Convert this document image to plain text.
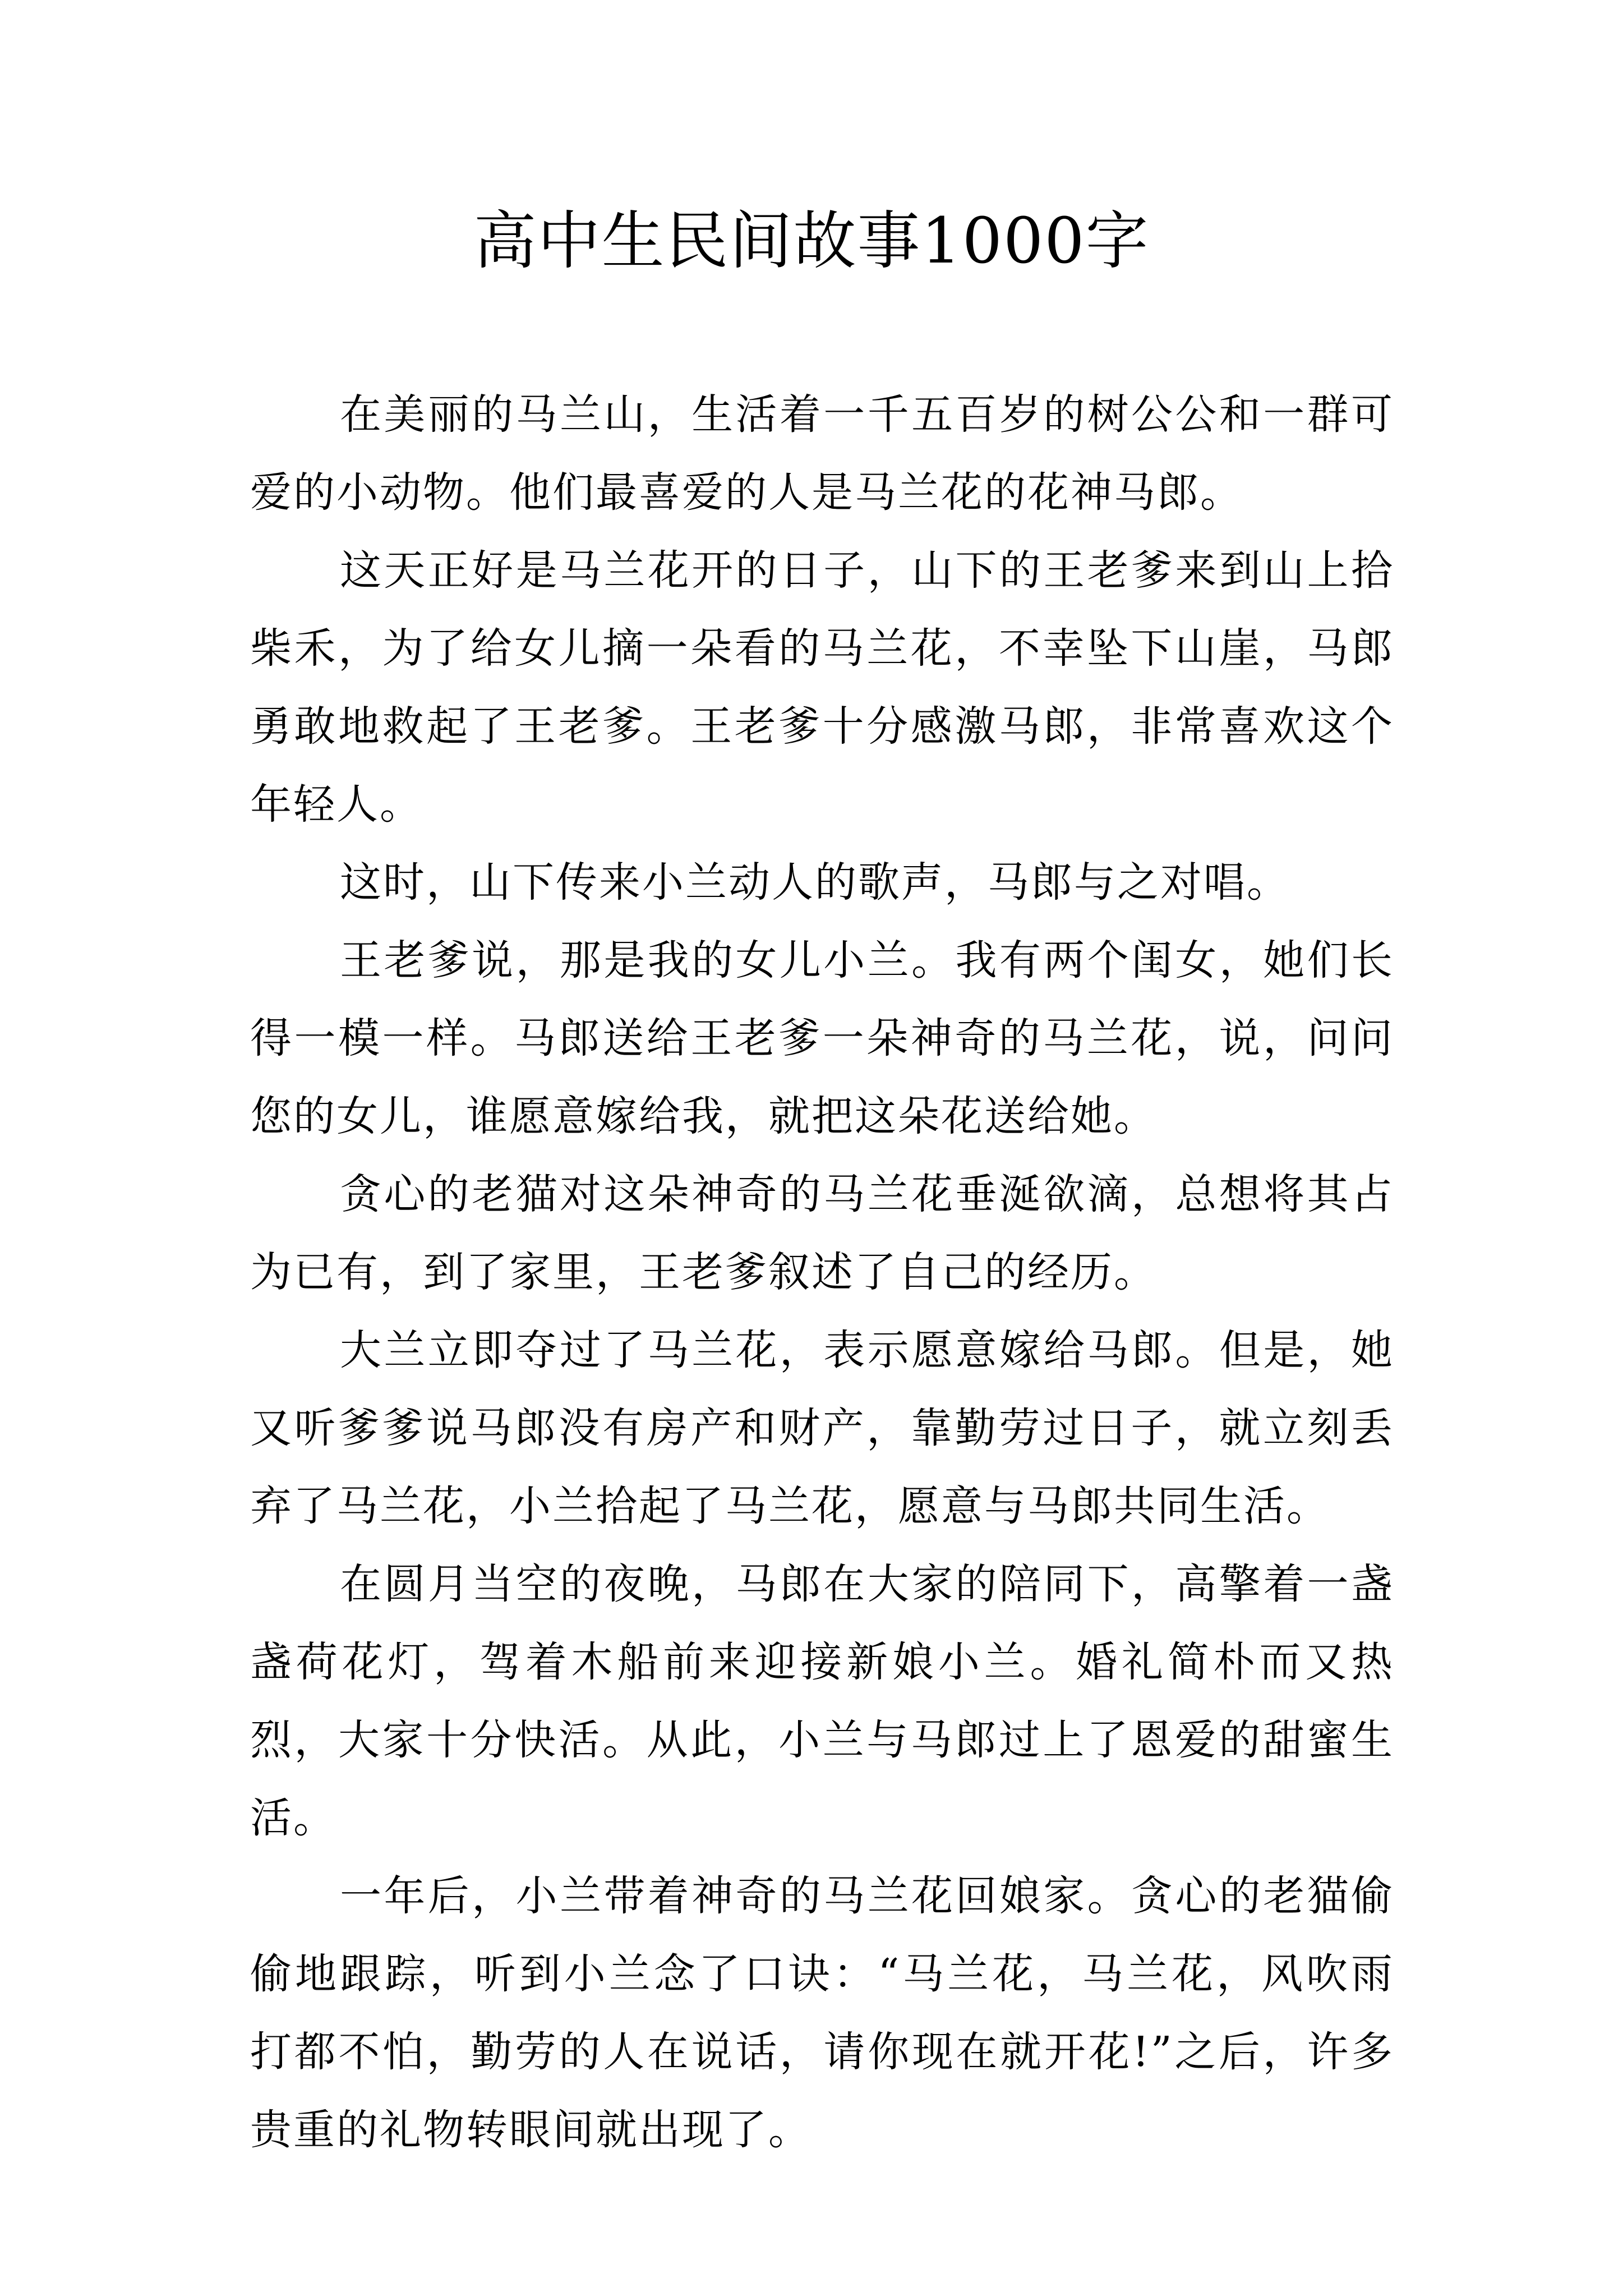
高中生民间故事1000字

在美丽的马兰山，生活着一千五百岁的树公公和一群可爱的小动物。他们最喜爱的人是马兰花的花神马郎。

这天正好是马兰花开的日子，山下的王老爹来到山上拾柴禾，为了给女儿摘一朵看的马兰花，不幸坠下山崖，马郎勇敢地救起了王老爹。王老爹十分感激马郎，非常喜欢这个年轻人。

这时，山下传来小兰动人的歌声，马郎与之对唱。

王老爹说，那是我的女儿小兰。我有两个闺女，她们长得一模一样。马郎送给王老爹一朵神奇的马兰花，说，问问您的女儿，谁愿意嫁给我，就把这朵花送给她。

贪心的老猫对这朵神奇的马兰花垂涎欲滴，总想将其占为已有，到了家里，王老爹叙述了自己的经历。

大兰立即夺过了马兰花，表示愿意嫁给马郎。但是，她又听爹爹说马郎没有房产和财产，靠勤劳过日子，就立刻丢弃了马兰花，小兰拾起了马兰花，愿意与马郎共同生活。

在圆月当空的夜晚，马郎在大家的陪同下，高擎着一盏盏荷花灯，驾着木船前来迎接新娘小兰。婚礼简朴而又热烈，大家十分快活。从此，小兰与马郎过上了恩爱的甜蜜生活。

一年后，小兰带着神奇的马兰花回娘家。贪心的老猫偷偷地跟踪，听到小兰念了口诀：“马兰花，马兰花，风吹雨打都不怕，勤劳的人在说话，请你现在就开花!”之后，许多贵重的礼物转眼间就出现了。
